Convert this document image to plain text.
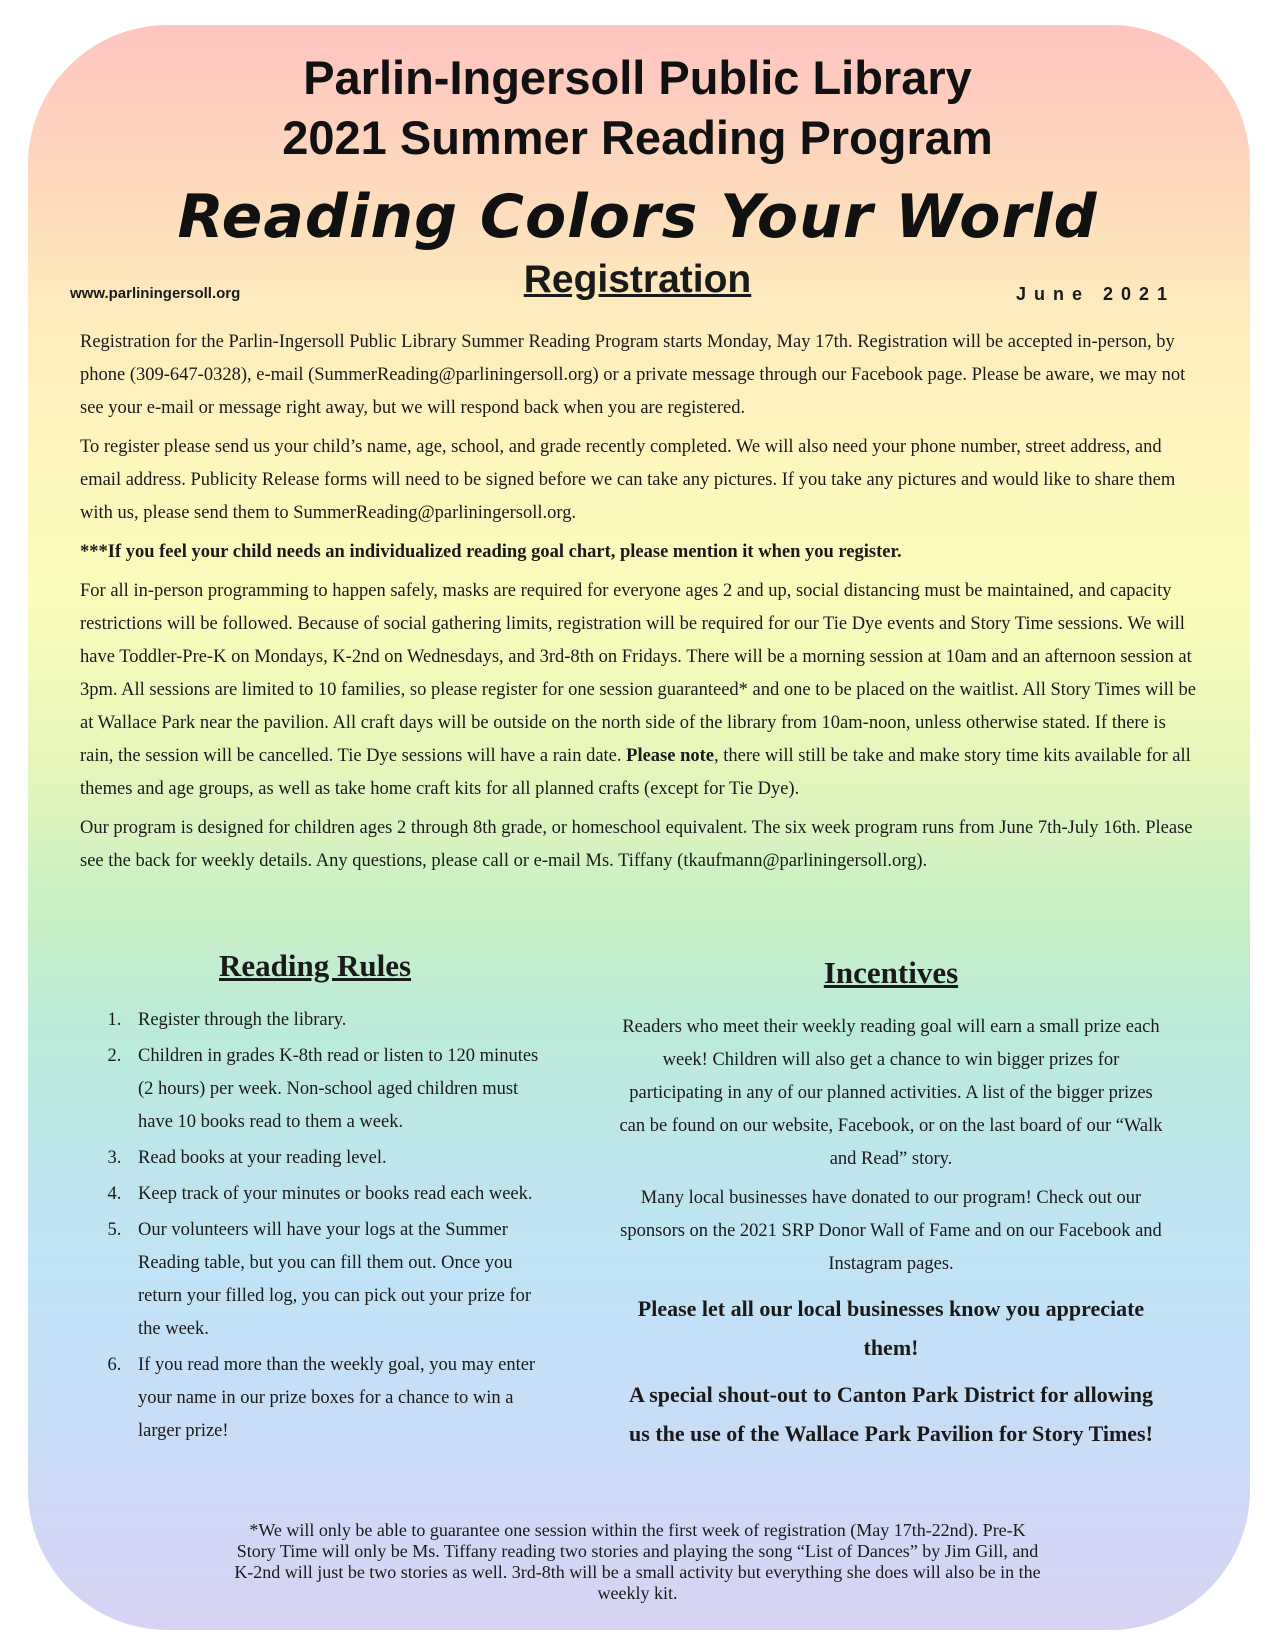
Parlin-Ingersoll Public Library
2021 Summer Reading Program
Reading Colors Your World
Registration
www.parliningersoll.org	June 2021

Registration for the Parlin-Ingersoll Public Library Summer Reading Program starts Monday, May 17th. Registration will be accepted in-person, by phone (309-647-0328), e-mail (SummerReading@parliningersoll.org) or a private message through our Facebook page. Please be aware, we may not see your e-mail or message right away, but we will respond back when you are registered.

To register please send us your child’s name, age, school, and grade recently completed. We will also need your phone number, street address, and email address. Publicity Release forms will need to be signed before we can take any pictures. If you take any pictures and would like to share them with us, please send them to SummerReading@parliningersoll.org.

***If you feel your child needs an individualized reading goal chart, please mention it when you register.

For all in-person programming to happen safely, masks are required for everyone ages 2 and up, social distancing must be maintained, and capacity restrictions will be followed. Because of social gathering limits, registration will be required for our Tie Dye events and Story Time sessions. We will have Toddler-Pre-K on Mondays, K-2nd on Wednesdays, and 3rd-8th on Fridays. There will be a morning session at 10am and an afternoon session at 3pm. All sessions are limited to 10 families, so please register for one session guaranteed* and one to be placed on the waitlist. All Story Times will be at Wallace Park near the pavilion. All craft days will be outside on the north side of the library from 10am-noon, unless otherwise stated. If there is rain, the session will be cancelled. Tie Dye sessions will have a rain date. Please note, there will still be take and make story time kits available for all themes and age groups, as well as take home craft kits for all planned crafts (except for Tie Dye).

Our program is designed for children ages 2 through 8th grade, or homeschool equivalent. The six week program runs from June 7th-July 16th. Please see the back for weekly details. Any questions, please call or e-mail Ms. Tiffany (tkaufmann@parliningersoll.org).

Reading Rules
1. Register through the library.
2. Children in grades K-8th read or listen to 120 minutes (2 hours) per week. Non-school aged children must have 10 books read to them a week.
3. Read books at your reading level.
4. Keep track of your minutes or books read each week.
5. Our volunteers will have your logs at the Summer Reading table, but you can fill them out. Once you return your filled log, you can pick out your prize for the week.
6. If you read more than the weekly goal, you may enter your name in our prize boxes for a chance to win a larger prize!
Incentives

Readers who meet their weekly reading goal will earn a small prize each week! Children will also get a chance to win bigger prizes for participating in any of our planned activities. A list of the bigger prizes can be found on our website, Facebook, or on the last board of our “Walk and Read” story.

Many local businesses have donated to our program! Check out our sponsors on the 2021 SRP Donor Wall of Fame and on our Facebook and Instagram pages.

Please let all our local businesses know you appreciate them!

A special shout-out to Canton Park District for allowing us the use of the Wallace Park Pavilion for Story Times!

*We will only be able to guarantee one session within the first week of registration (May 17th-22nd). Pre-K Story Time will only be Ms. Tiffany reading two stories and playing the song “List of Dances” by Jim Gill, and K-2nd will just be two stories as well. 3rd-8th will be a small activity but everything she does will also be in the weekly kit.
